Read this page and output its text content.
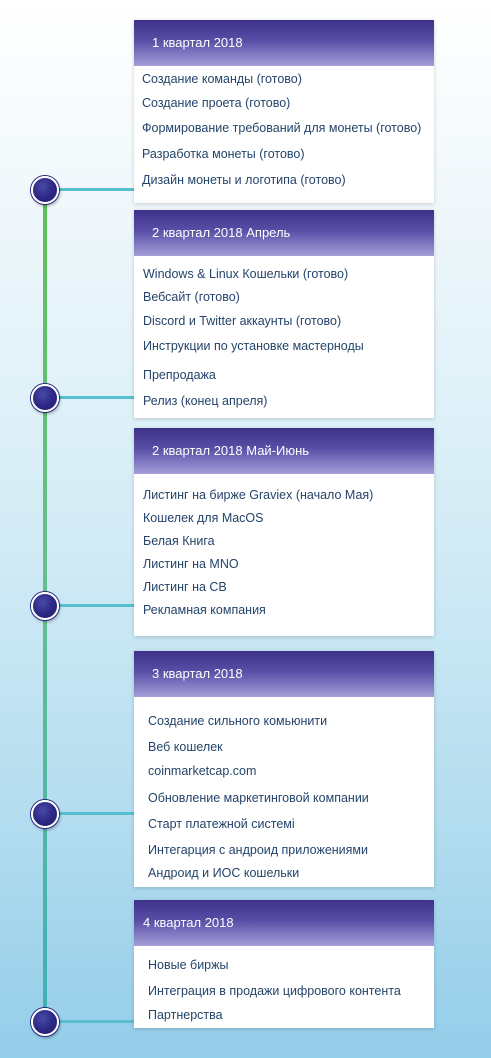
1 квартал 2018
Создание команды (готово)
Создание проета (готово)
Формирование требований для монеты (готово)
Разработка монеты (готово)
Дизайн монеты и логотипа (готово)
2 квартал 2018 Апрель
Windows & Linux Кошельки (готово)
Вебсайт (готово)
Discord и Twitter аккаунты (готово)
Инструкции по установке мастерноды
Препродажа
Релиз (конец апреля)
2 квартал 2018 Май-Июнь
Листинг на бирже Graviex (начало Мая)
Кошелек для MacOS
Белая Книга
Листинг на MNO
Листинг на CB
Рекламная компания
3 квартал 2018
Создание сильного комьюнити
Веб кошелек
coinmarketcap.com
Обновление маркетинговой компании
Старт платежной системі
Интегарция с андроид приложениями
Андроид и ИОС кошельки
4 квартал 2018
Новые биржы
Интеграция в продажи цифрового контента
Партнерства
